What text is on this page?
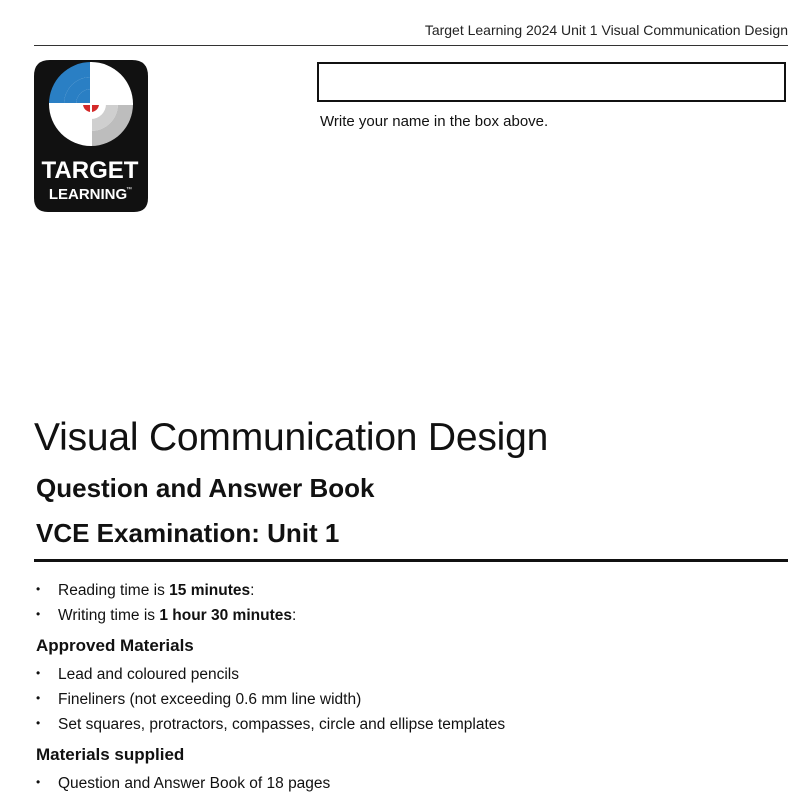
Target Learning 2024 Unit 1 Visual Communication Design
TARGET
LEARNING
™
Write your name in the box above.
Visual Communication Design
Question and Answer Book
VCE Examination: Unit 1
• Reading time is 15 minutes:
• Writing time is 1 hour 30 minutes:
Approved Materials
• Lead and coloured pencils
• Fineliners (not exceeding 0.6 mm line width)
• Set squares, protractors, compasses, circle and ellipse templates
Materials supplied
• Question and Answer Book of 18 pages
